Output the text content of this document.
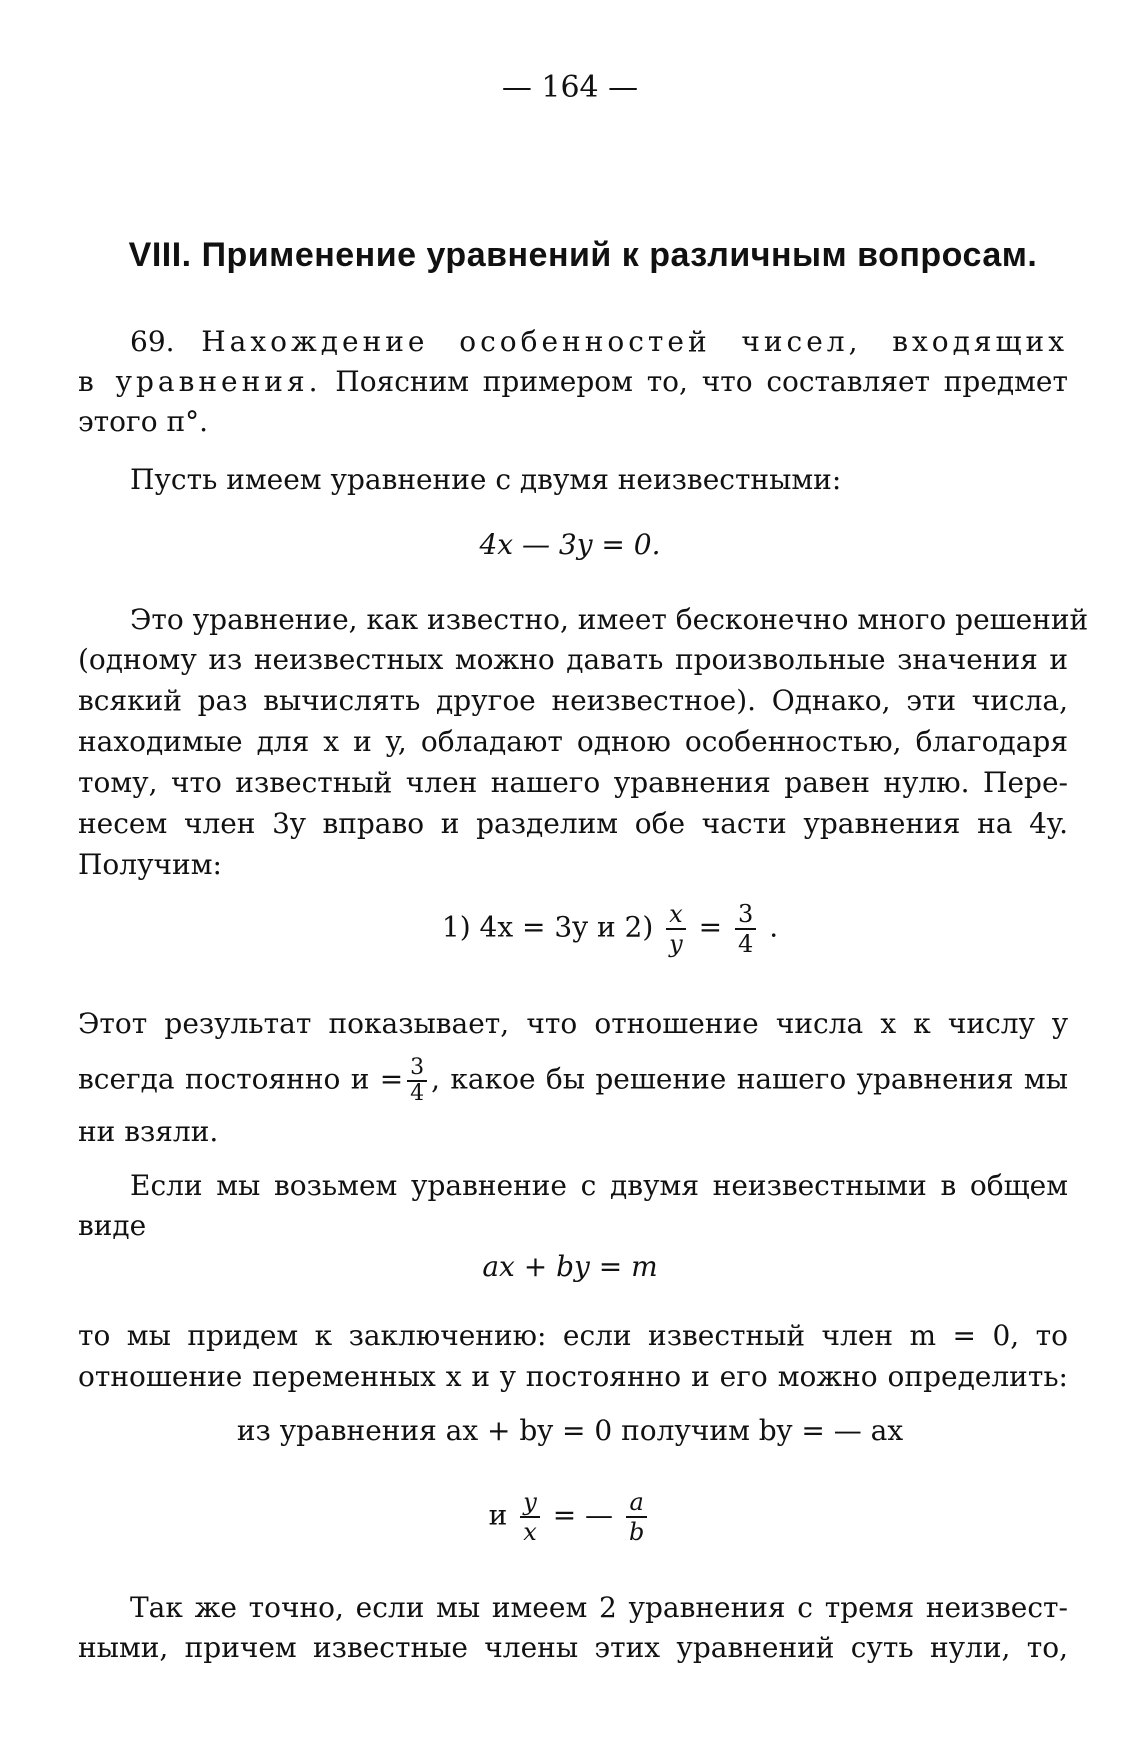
— 164 —
VIII. Применение уравнений к различным вопросам.
69. Нахождение особенностей чисел, входящих
в уравнения. Поясним примером то, что составляет предмет
этого п°.
Пусть имеем уравнение с двумя неизвестными:
4x — 3y = 0.
Это уравнение, как известно, имеет бесконечно много решений
(одному из неизвестных можно давать произвольные значения и
всякий раз вычислять другое неизвестное). Однако, эти числа,
находимые для x и y, обладают одною особенностью, благодаря
тому, что известный член нашего уравнения равен нулю. Пере-
несем член 3y вправо и разделим обе части уравнения на 4y.
Получим:
1) 4x = 3y и $2) \frac{x}{y} = \frac{3}{4}$ .
Этот результат показывает, что отношение числа x к числу y
всегда постоянно $и = \frac{3}{4}$ , какое бы решение нашего уравнения мы
ни взяли.
Если мы возьмем уравнение с двумя неизвестными в общем
виде
ax + by = m
то мы придем к заключению: если известный член m = 0, то
отношение переменных x и y постоянно и его можно определить:
из уравнения ax + by = 0 получим by = — ax
и $\frac{y}{x}$ = — $\frac{a}{b}$
Так же точно, если мы имеем 2 уравнения с тремя неизвест-
ными, причем известные члены этих уравнений суть нули, то,
